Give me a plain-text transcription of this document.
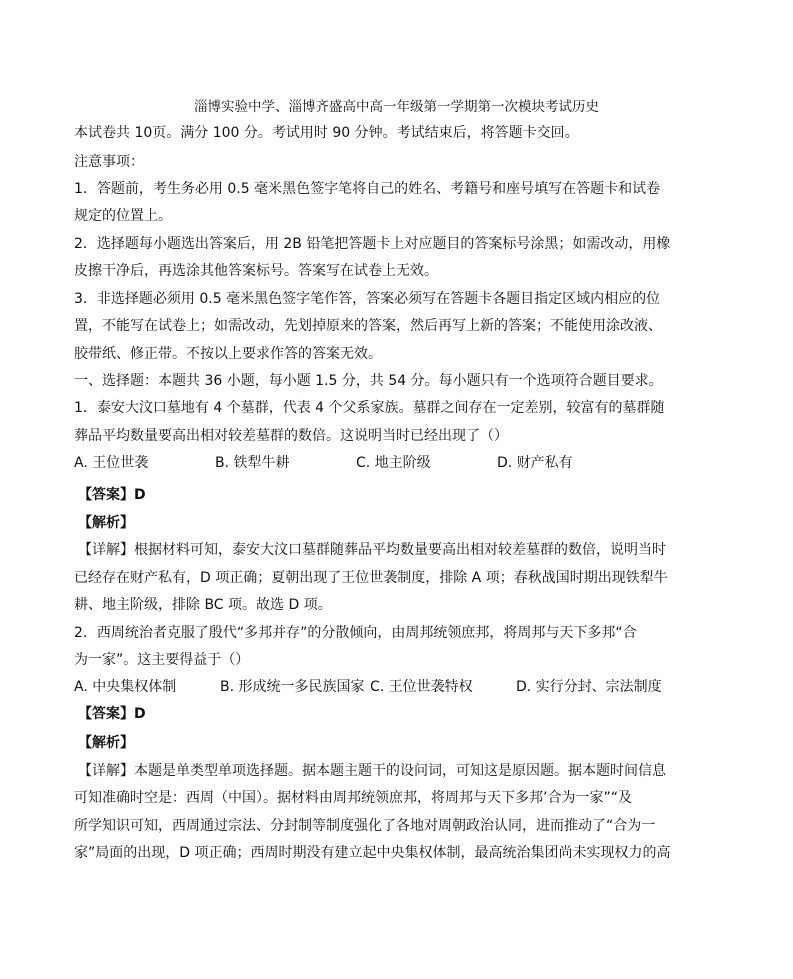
淄博实验中学、淄博齐盛高中高一年级第一学期第一次模块考试历史
本试卷共 10页。满分 100 分。考试用时 90 分钟。考试结束后，将答题卡交回。
注意事项：
1．答题前，考生务必用 0.5 毫米黑色签字笔将自己的姓名、考籍号和座号填写在答题卡和试卷
规定的位置上。
2．选择题每小题选出答案后，用 2B 铅笔把答题卡上对应题目的答案标号涂黑；如需改动，用橡
皮擦干净后，再选涂其他答案标号。答案写在试卷上无效。
3．非选择题必须用 0.5 毫米黑色签字笔作答，答案必须写在答题卡各题目指定区域内相应的位
置，不能写在试卷上；如需改动，先划掉原来的答案，然后再写上新的答案；不能使用涂改液、
胶带纸、修正带。不按以上要求作答的答案无效。
一、选择题：本题共 36 小题，每小题 1.5 分，共 54 分。每小题只有一个选项符合题目要求。
1．泰安大汶口墓地有 4 个墓群，代表 4 个父系家族。墓群之间存在一定差别，较富有的墓群随
葬品平均数量要高出相对较差墓群的数倍。这说明当时已经出现了（）
A. 王位世袭	B. 铁犁牛耕	C. 地主阶级	D. 财产私有
【答案】D
【解析】
【详解】根据材料可知，泰安大汶口墓群随葬品平均数量要高出相对较差墓群的数倍，说明当时
已经存在财产私有，D 项正确；夏朝出现了王位世袭制度，排除 A 项；春秋战国时期出现铁犁牛
耕、地主阶级，排除 BC 项。故选 D 项。
2．西周统治者克服了殷代“多邦并存”的分散倾向，由周邦统领庶邦，将周邦与天下多邦“合
为一家”。这主要得益于（）
A. 中央集权体制	B. 形成统一多民族国家 C. 王位世袭特权	D. 实行分封、宗法制度
【答案】D
【解析】
【详解】本题是单类型单项选择题。据本题主题干的设问词，可知这是原因题。据本题时间信息
可知准确时空是：西周（中国）。据材料由周邦统领庶邦，将周邦与天下多邦’合为一家”“及
所学知识可知，西周通过宗法、分封制等制度强化了各地对周朝政治认同，进而推动了“合为一
家”局面的出现，D 项正确；西周时期没有建立起中央集权体制，最高统治集团尚未实现权力的高
